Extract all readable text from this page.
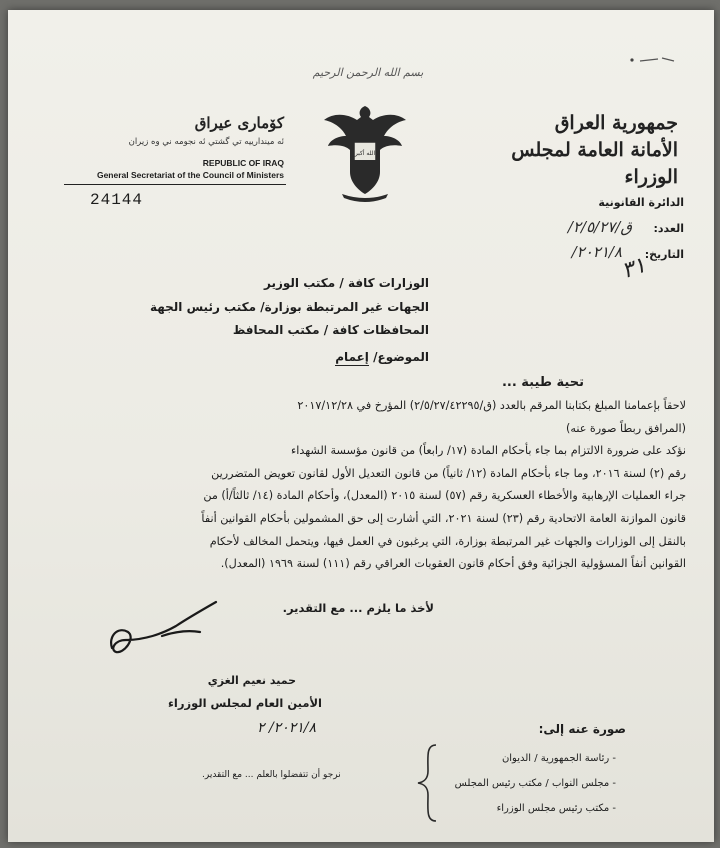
بسم الله الرحمن الرحيم
جمهورية العراق
الأمانة العامة لمجلس الوزراء
الله أكبر
كۆماری عیراق
ئه ميندارييه تي گشتي ئه نجومه ني وه زيران
REPUBLIC OF IRAQ
General Secretariat of the Council of Ministers
24144	الدائرة القانونية
العدد:
ق/٢/٥/٢٧/
التاريخ:
٢٠٢١/٨/
٣١
الوزارات كافة / مكتب الوزير
الجهات غير المرتبطة بوزارة/ مكتب رئيس الجهة
المحافظات كافة / مكتب المحافظ
الموضوع/ إعمام
تحية طيبة ...

لاحقاً بإعمامنا المبلغ بكتابنا المرقم بالعدد (ق/٢/٥/٢٧/٤٢٢٩٥) المؤرخ في ٢٠١٧/١٢/٢٨

(المرافق ربطاً صورة عنه)

نؤكد على ضرورة الالتزام بما جاء بأحكام المادة (١٧/ رابعاً) من قانون مؤسسة الشهداء

رقم (٢) لسنة ٢٠١٦، وما جاء بأحكام المادة (١٢/ ثانياً) من قانون التعديل الأول لقانون تعويض المتضررين

جراء العمليات الإرهابية والأخطاء العسكرية رقم (٥٧) لسنة ٢٠١٥ (المعدل)، وأحكام المادة (١٤/ ثالثاً/أ) من

قانون الموازنة العامة الاتحادية رقم (٢٣) لسنة ٢٠٢١، التي أشارت إلى حق المشمولين بأحكام القوانين أنفاً

بالنقل إلى الوزارات والجهات غير المرتبطة بوزارة، التي يرغبون في العمل فيها، ويتحمل المخالف لأحكام

القوانين أنفاً المسؤولية الجزائية وفق أحكام قانون العقوبات العراقي رقم (١١١) لسنة ١٩٦٩ (المعدل).

لأخذ ما يلزم ... مع التقدير.
حميد نعيم الغزي
الأمين العام لمجلس الوزراء
٢٠٢١/٨/ ٢	صورة عنه إلى:
- رئاسة الجمهورية / الديوان
- مجلس النواب / مكتب رئيس المجلس
- مكتب رئيس مجلس الوزراء
نرجو أن تتفضلوا بالعلم ... مع التقدير.
